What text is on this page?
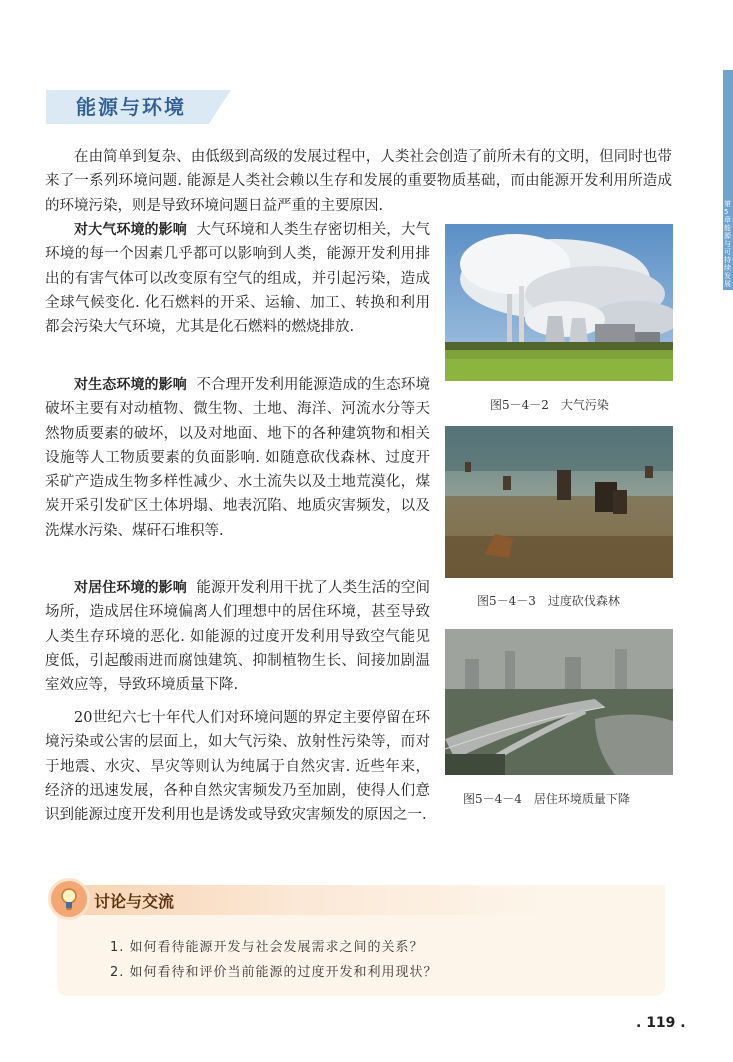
第5章 能源与可持续发展
能源与环境

在由简单到复杂、由低级到高级的发展过程中，人类社会创造了前所未有的文明，但同时也带来了一系列环境问题. 能源是人类社会赖以生存和发展的重要物质基础，而由能源开发利用所造成的环境污染，则是导致环境问题日益严重的主要原因.

对大气环境的影响 大气环境和人类生存密切相关，大气环境的每一个因素几乎都可以影响到人类，能源开发利用排出的有害气体可以改变原有空气的组成，并引起污染，造成全球气候变化. 化石燃料的开采、运输、加工、转换和利用都会污染大气环境，尤其是化石燃料的燃烧排放.

对生态环境的影响 不合理开发利用能源造成的生态环境破坏主要有对动植物、微生物、土地、海洋、河流水分等天然物质要素的破坏，以及对地面、地下的各种建筑物和相关设施等人工物质要素的负面影响. 如随意砍伐森林、过度开采矿产造成生物多样性减少、水土流失以及土地荒漠化，煤炭开采引发矿区土体坍塌、地表沉陷、地质灾害频发，以及洗煤水污染、煤矸石堆积等.

对居住环境的影响 能源开发利用干扰了人类生活的空间场所，造成居住环境偏离人们理想中的居住环境，甚至导致人类生存环境的恶化. 如能源的过度开发利用导致空气能见度低，引起酸雨进而腐蚀建筑、抑制植物生长、间接加剧温室效应等，导致环境质量下降.

20世纪六七十年代人们对环境问题的界定主要停留在环境污染或公害的层面上，如大气污染、放射性污染等，而对于地震、水灾、旱灾等则认为纯属于自然灾害. 近些年来，经济的迅速发展，各种自然灾害频发乃至加剧，使得人们意识到能源过度开发利用也是诱发或导致灾害频发的原因之一.

图5－4－2　大气污染
图5－4－3　过度砍伐森林
图5－4－4　居住环境质量下降
讨论与交流
1. 如何看待能源开发与社会发展需求之间的关系？
2. 如何看待和评价当前能源的过度开发和利用现状？
. 119 .
